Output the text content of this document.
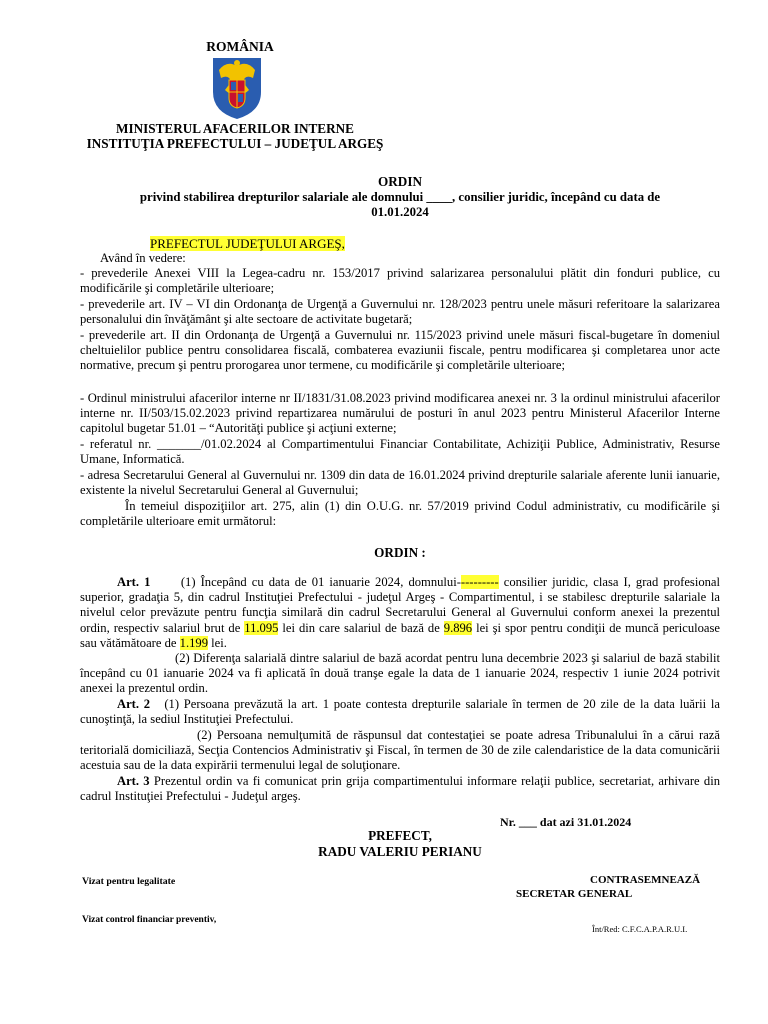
ROMÂNIA
MINISTERUL AFACERILOR INTERNE
INSTITUŢIA PREFECTULUI – JUDEŢUL ARGEŞ
ORDIN
privind stabilirea drepturilor salariale ale domnului ____, consilier juridic, începând cu data de
01.01.2024
PREFECTUL JUDEŢULUI ARGEŞ,
Având în vedere:

- prevederile Anexei VIII la Legea-cadru nr. 153/2017 privind salarizarea personalului plătit din fonduri publice, cu modificările şi completările ulterioare;

- prevederile art. IV – VI din Ordonanţa de Urgenţă a Guvernului nr. 128/2023 pentru unele măsuri referitoare la salarizarea personalului din învăţământ şi alte sectoare de activitate bugetară;

- prevederile art. II din Ordonanţa de Urgenţă a Guvernului nr. 115/2023 privind unele măsuri fiscal-bugetare în domeniul cheltuielilor publice pentru consolidarea fiscală, combaterea evaziunii fiscale, pentru modificarea şi completarea unor acte normative, precum şi pentru prorogarea unor termene, cu modificările şi completările ulterioare;

- Ordinul ministrului afacerilor interne nr II/1831/31.08.2023 privind modificarea anexei nr. 3 la ordinul ministrului afacerilor interne nr. II/503/15.02.2023 privind repartizarea numărului de posturi în anul 2023 pentru Ministerul Afacerilor Interne capitolul bugetar 51.01 – “Autorităţi publice şi acţiuni externe;

- referatul nr. _______/01.02.2024 al Compartimentului Financiar Contabilitate, Achiziţii Publice, Administrativ, Resurse Umane, Informatică.

- adresa Secretarului General al Guvernului nr. 1309 din data de 16.01.2024 privind drepturile salariale aferente lunii ianuarie, existente la nivelul Secretarului General al Guvernului;

În temeiul dispoziţiilor art. 275, alin (1) din O.U.G. nr. 57/2019 privind Codul administrativ, cu modificările şi completările ulterioare emit următorul:

ORDIN :

Art. 1 (1) Începând cu data de 01 ianuarie 2024, domnului---------- consilier juridic, clasa I, grad profesional superior, gradaţia 5, din cadrul Instituţiei Prefectului - judeţul Argeş - Compartimentul, i se stabilesc drepturile salariale la nivelul celor prevăzute pentru funcţia similară din cadrul Secretarului General al Guvernului conform anexei la prezentul ordin, respectiv salariul brut de 11.095 lei din care salariul de bază de 9.896 lei şi spor pentru condiţii de muncă periculoase sau vătămătoare de 1.199 lei.

(2) Diferenţa salarială dintre salariul de bază acordat pentru luna decembrie 2023 şi salariul de bază stabilit începând cu 01 ianuarie 2024 va fi aplicată în două tranşe egale la data de 1 ianuarie 2024, respectiv 1 iunie 2024 potrivit anexei la prezentul ordin.

Art. 2 (1) Persoana prevăzută la art. 1 poate contesta drepturile salariale în termen de 20 zile de la data luării la cunoştinţă, la sediul Instituţiei Prefectului.

(2) Persoana nemulţumită de răspunsul dat contestaţiei se poate adresa Tribunalului în a cărui rază teritorială domiciliază, Secţia Contencios Administrativ şi Fiscal, în termen de 30 de zile calendaristice de la data comunicării acestuia sau de la data expirării termenului legal de soluţionare.

Art. 3 Prezentul ordin va fi comunicat prin grija compartimentului informare relaţii publice, secretariat, arhivare din cadrul Instituţiei Prefectului - Judeţul argeş.

Nr. ___ dat azi 31.01.2024
PREFECT,
RADU VALERIU PERIANU
Vizat pentru legalitate	CONTRASEMNEAZĂ
SECRETAR GENERAL
Vizat control financiar preventiv,
Înt/Red: C.F.C.A.P.A.R.U.I.
